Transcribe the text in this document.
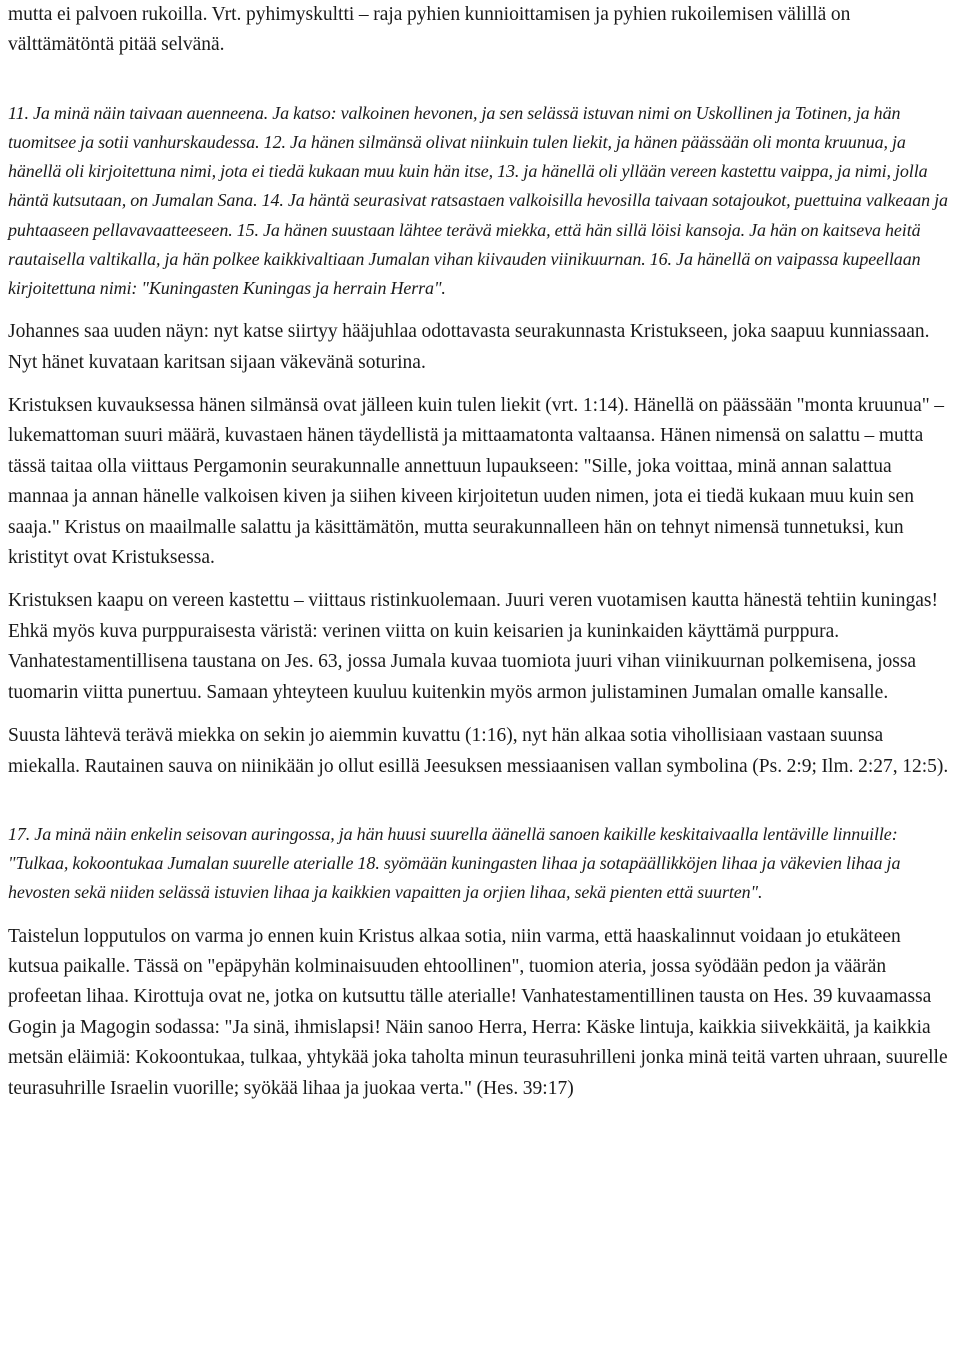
mutta ei palvoen rukoilla. Vrt. pyhimyskultti – raja pyhien kunnioittamisen ja pyhien rukoilemisen välillä on välttämätöntä pitää selvänä.

11. Ja minä näin taivaan auenneena. Ja katso: valkoinen hevonen, ja sen selässä istuvan nimi on Uskollinen ja Totinen, ja hän tuomitsee ja sotii vanhurskaudessa. 12. Ja hänen silmänsä olivat niinkuin tulen liekit, ja hänen päässään oli monta kruunua, ja hänellä oli kirjoitettuna nimi, jota ei tiedä kukaan muu kuin hän itse, 13. ja hänellä oli yllään vereen kastettu vaippa, ja nimi, jolla häntä kutsutaan, on Jumalan Sana. 14. Ja häntä seurasivat ratsastaen valkoisilla hevosilla taivaan sotajoukot, puettuina valkeaan ja puhtaaseen pellavavaatteeseen. 15. Ja hänen suustaan lähtee terävä miekka, että hän sillä löisi kansoja. Ja hän on kaitseva heitä rautaisella valtikalla, ja hän polkee kaikkivaltiaan Jumalan vihan kiivauden viinikuurnan. 16. Ja hänellä on vaipassa kupeellaan kirjoitettuna nimi: "Kuningasten Kuningas ja herrain Herra".

Johannes saa uuden näyn: nyt katse siirtyy hääjuhlaa odottavasta seurakunnasta Kristukseen, joka saapuu kunniassaan. Nyt hänet kuvataan karitsan sijaan väkevänä soturina.

Kristuksen kuvauksessa hänen silmänsä ovat jälleen kuin tulen liekit (vrt. 1:14). Hänellä on päässään "monta kruunua" – lukemattoman suuri määrä, kuvastaen hänen täydellistä ja mittaamatonta valtaansa. Hänen nimensä on salattu – mutta tässä taitaa olla viittaus Pergamonin seurakunnalle annettuun lupaukseen: "Sille, joka voittaa, minä annan salattua mannaa ja annan hänelle valkoisen kiven ja siihen kiveen kirjoitetun uuden nimen, jota ei tiedä kukaan muu kuin sen saaja." Kristus on maailmalle salattu ja käsittämätön, mutta seurakunnalleen hän on tehnyt nimensä tunnetuksi, kun kristityt ovat Kristuksessa.

Kristuksen kaapu on vereen kastettu – viittaus ristinkuolemaan. Juuri veren vuotamisen kautta hänestä tehtiin kuningas! Ehkä myös kuva purppuraisesta väristä: verinen viitta on kuin keisarien ja kuninkaiden käyttämä purppura. Vanhatestamentillisena taustana on Jes. 63, jossa Jumala kuvaa tuomiota juuri vihan viinikuurnan polkemisena, jossa tuomarin viitta punertuu. Samaan yhteyteen kuuluu kuitenkin myös armon julistaminen Jumalan omalle kansalle.

Suusta lähtevä terävä miekka on sekin jo aiemmin kuvattu (1:16), nyt hän alkaa sotia vihollisiaan vastaan suunsa miekalla. Rautainen sauva on niinikään jo ollut esillä Jeesuksen messiaanisen vallan symbolina (Ps. 2:9; Ilm. 2:27, 12:5).

17. Ja minä näin enkelin seisovan auringossa, ja hän huusi suurella äänellä sanoen kaikille keskitaivaalla lentäville linnuille: "Tulkaa, kokoontukaa Jumalan suurelle aterialle 18. syömään kuningasten lihaa ja sotapäällikköjen lihaa ja väkevien lihaa ja hevosten sekä niiden selässä istuvien lihaa ja kaikkien vapaitten ja orjien lihaa, sekä pienten että suurten".

Taistelun lopputulos on varma jo ennen kuin Kristus alkaa sotia, niin varma, että haaskalinnut voidaan jo etukäteen kutsua paikalle. Tässä on "epäpyhän kolminaisuuden ehtoollinen", tuomion ateria, jossa syödään pedon ja väärän profeetan lihaa. Kirottuja ovat ne, jotka on kutsuttu tälle aterialle! Vanhatestamentillinen tausta on Hes. 39 kuvaamassa Gogin ja Magogin sodassa: "Ja sinä, ihmislapsi! Näin sanoo Herra, Herra: Käske lintuja, kaikkia siivekkäitä, ja kaikkia metsän eläimiä: Kokoontukaa, tulkaa, yhtykää joka taholta minun teurasuhrilleni jonka minä teitä varten uhraan, suurelle teurasuhrille Israelin vuorille; syökää lihaa ja juokaa verta." (Hes. 39:17)
